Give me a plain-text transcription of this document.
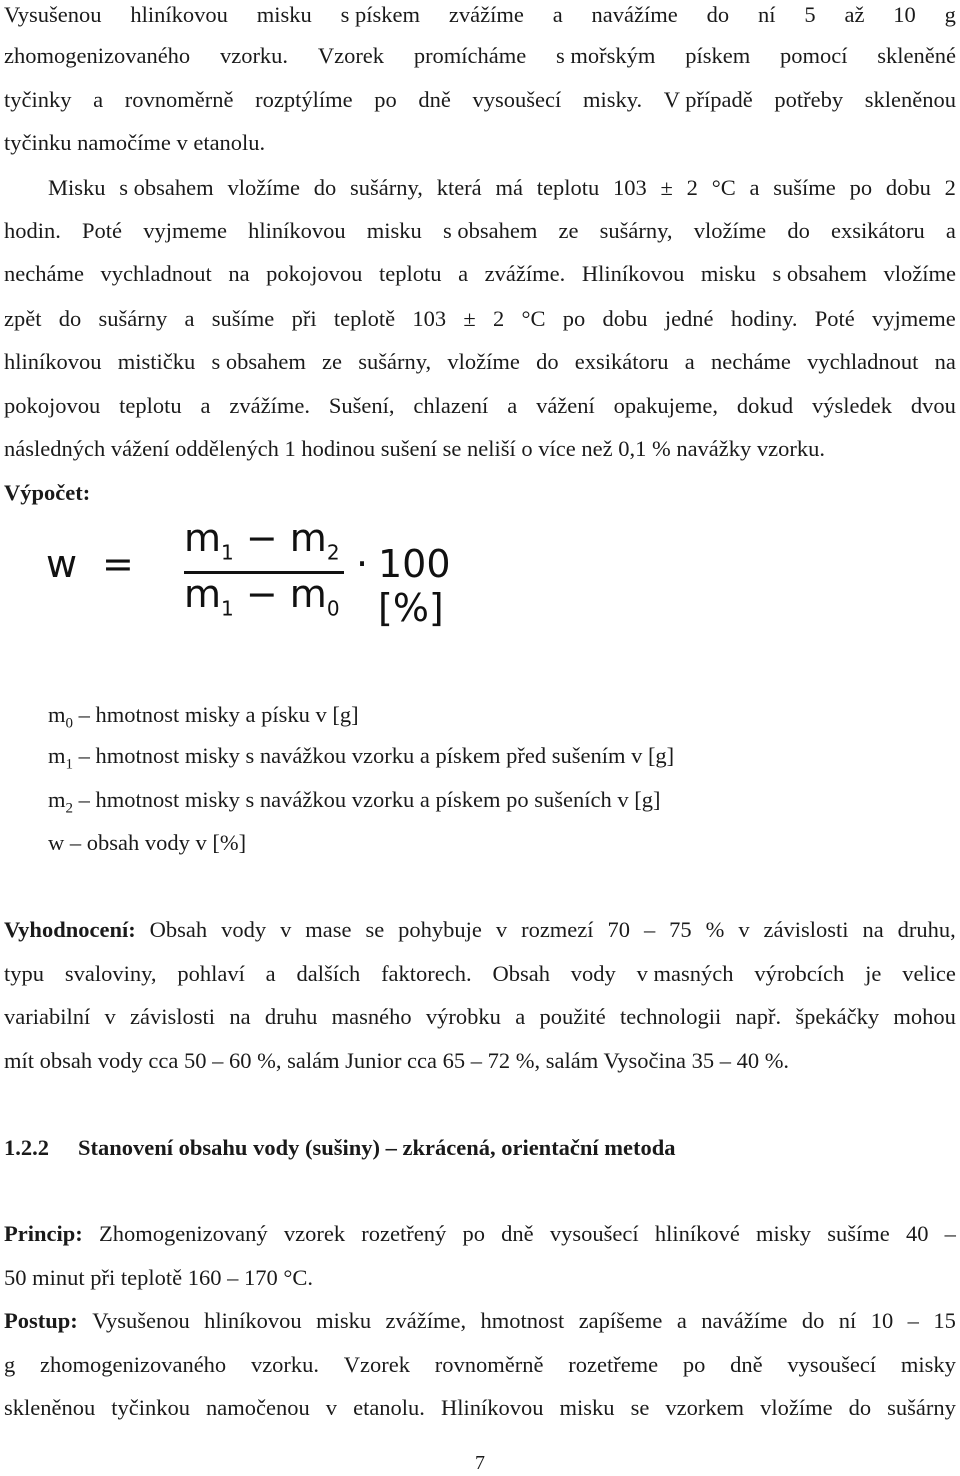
Vysušenou hliníkovou misku s pískem zvážíme a navážíme do ní 5 až 10 g
zhomogenizovaného vzorku. Vzorek promícháme s mořským pískem pomocí skleněné
tyčinky a rovnoměrně rozptýlíme po dně vysoušecí misky. V případě potřeby skleněnou
tyčinku namočíme v etanolu.
Misku s obsahem vložíme do sušárny, která má teplotu 103 ± 2 °C a sušíme po dobu 2
hodin. Poté vyjmeme hliníkovou misku s obsahem ze sušárny, vložíme do exsikátoru a
necháme vychladnout na pokojovou teplotu a zvážíme. Hliníkovou misku s obsahem vložíme
zpět do sušárny a sušíme při teplotě 103 ± 2 °C po dobu jedné hodiny. Poté vyjmeme
hliníkovou mističku s obsahem ze sušárny, vložíme do exsikátoru a necháme vychladnout na
pokojovou teplotu a zvážíme. Sušení, chlazení a vážení opakujeme, dokud výsledek dvou
následných vážení oddělených 1 hodinou sušení se neliší o více než 0,1 % navážky vzorku.
Výpočet:
w =
$m_1 - m_2$
$m_1 - m_0$
· 100 [%]
$m_0$ – hmotnost misky a písku v [g]
$m_1$ – hmotnost misky s navážkou vzorku a pískem před sušením v [g]
$m_2$ – hmotnost misky s navážkou vzorku a pískem po sušeních v [g]
w – obsah vody v [%]
Vyhodnocení: Obsah vody v mase se pohybuje v rozmezí 70 – 75 % v závislosti na druhu,
typu svaloviny, pohlaví a dalších faktorech. Obsah vody v masných výrobcích je velice
variabilní v závislosti na druhu masného výrobku a použité technologii např. špekáčky mohou
mít obsah vody cca 50 – 60 %, salám Junior cca 65 – 72 %, salám Vysočina 35 – 40 %.
1.2.2 Stanovení obsahu vody (sušiny) – zkrácená, orientační metoda
Princip: Zhomogenizovaný vzorek rozetřený po dně vysoušecí hliníkové misky sušíme 40 –
50 minut při teplotě 160 – 170 °C.
Postup: Vysušenou hliníkovou misku zvážíme, hmotnost zapíšeme a navážíme do ní 10 – 15
g zhomogenizovaného vzorku. Vzorek rovnoměrně rozetřeme po dně vysoušecí misky
skleněnou tyčinkou namočenou v etanolu. Hliníkovou misku se vzorkem vložíme do sušárny
7
